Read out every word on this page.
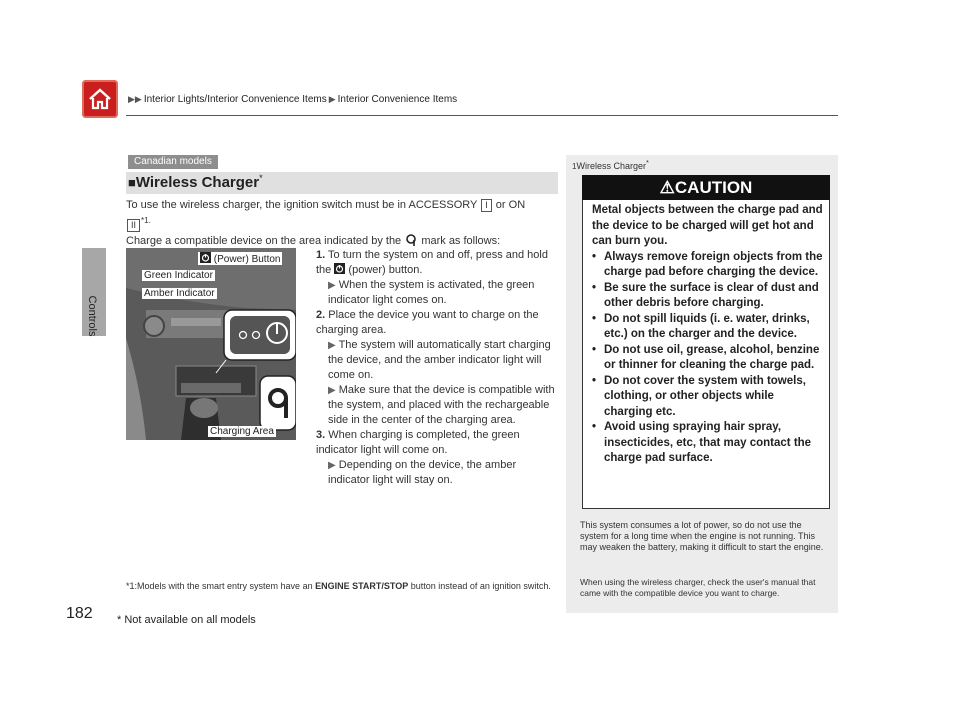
▶▶ Interior Lights/Interior Convenience Items ▶ Interior Convenience Items
Controls
182
Canadian models
■Wireless Charger*
To use the wireless charger, the ignition switch must be in ACCESSORY I or ON
II $^{*1.}$
Charge a compatible device on the area indicated by the mark as follows:
(Power) Button
Green Indicator
Amber Indicator
Charging Area
1. To turn the system on and off, press and hold the (power) button.
▶ When the system is activated, the green indicator light comes on.
2. Place the device you want to charge on the charging area.
▶ The system will automatically start charging the device, and the amber indicator light will come on.
▶ Make sure that the device is compatible with the system, and placed with the rechargeable side in the center of the charging area.
3. When charging is completed, the green indicator light will come on.
▶ Depending on the device, the amber indicator light will stay on.
*1:Models with the smart entry system have an ENGINE START/STOP button instead of an ignition switch.
* Not available on all models
1Wireless Charger*
⚠CAUTION
Metal objects between the charge pad and the device to be charged will get hot and can burn you.
• Always remove foreign objects from the charge pad before charging the device.
• Be sure the surface is clear of dust and other debris before charging.
• Do not spill liquids (i. e. water, drinks, etc.) on the charger and the device.
• Do not use oil, grease, alcohol, benzine or thinner for cleaning the charge pad.
• Do not cover the system with towels, clothing, or other objects while charging etc.
• Avoid using spraying hair spray, insecticides, etc, that may contact the charge pad surface.
This system consumes a lot of power, so do not use the system for a long time when the engine is not running. This may weaken the battery, making it difficult to start the engine.
When using the wireless charger, check the user's manual that came with the compatible device you want to charge.
